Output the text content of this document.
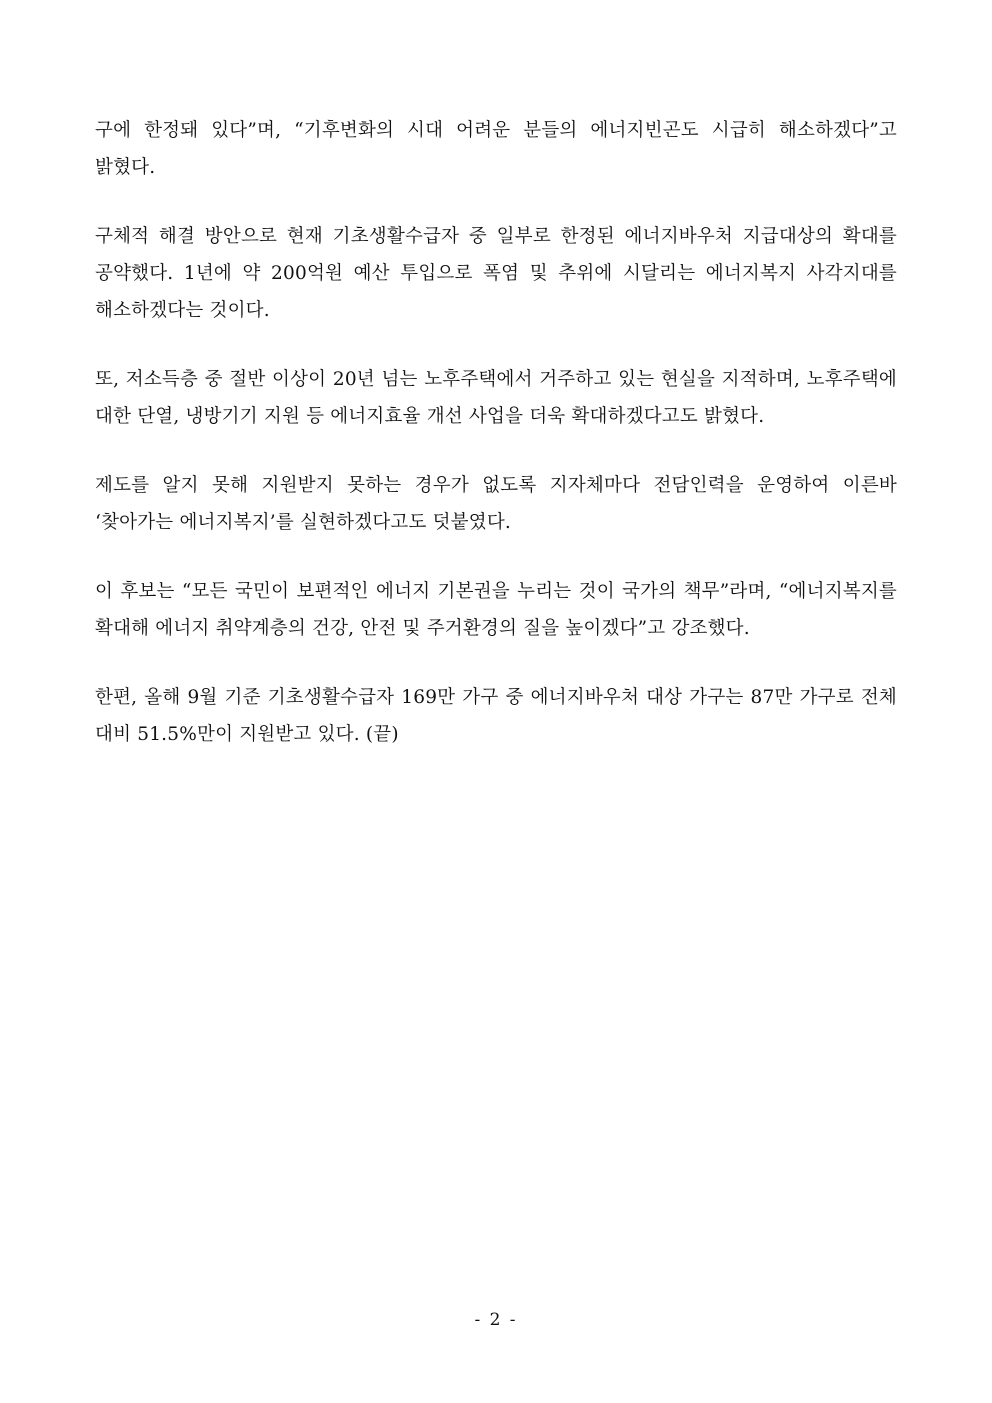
구에 한정돼 있다”며, “기후변화의 시대 어려운 분들의 에너지빈곤도 시급히 해소하겠다”고 밝혔다.

구체적 해결 방안으로 현재 기초생활수급자 중 일부로 한정된 에너지바우처 지급대상의 확대를 공약했다. 1년에 약 200억원 예산 투입으로 폭염 및 추위에 시달리는 에너지복지 사각지대를 해소하겠다는 것이다.

또, 저소득층 중 절반 이상이 20년 넘는 노후주택에서 거주하고 있는 현실을 지적하며, 노후주택에 대한 단열, 냉방기기 지원 등 에너지효율 개선 사업을 더욱 확대하겠다고도 밝혔다.

제도를 알지 못해 지원받지 못하는 경우가 없도록 지자체마다 전담인력을 운영하여 이른바 ‘찾아가는 에너지복지’를 실현하겠다고도 덧붙였다.

이 후보는 “모든 국민이 보편적인 에너지 기본권을 누리는 것이 국가의 책무”라며, “에너지복지를 확대해 에너지 취약계층의 건강, 안전 및 주거환경의 질을 높이겠다”고 강조했다.

한편, 올해 9월 기준 기초생활수급자 169만 가구 중 에너지바우처 대상 가구는 87만 가구로 전체 대비 51.5%만이 지원받고 있다. (끝)

- 2 -
